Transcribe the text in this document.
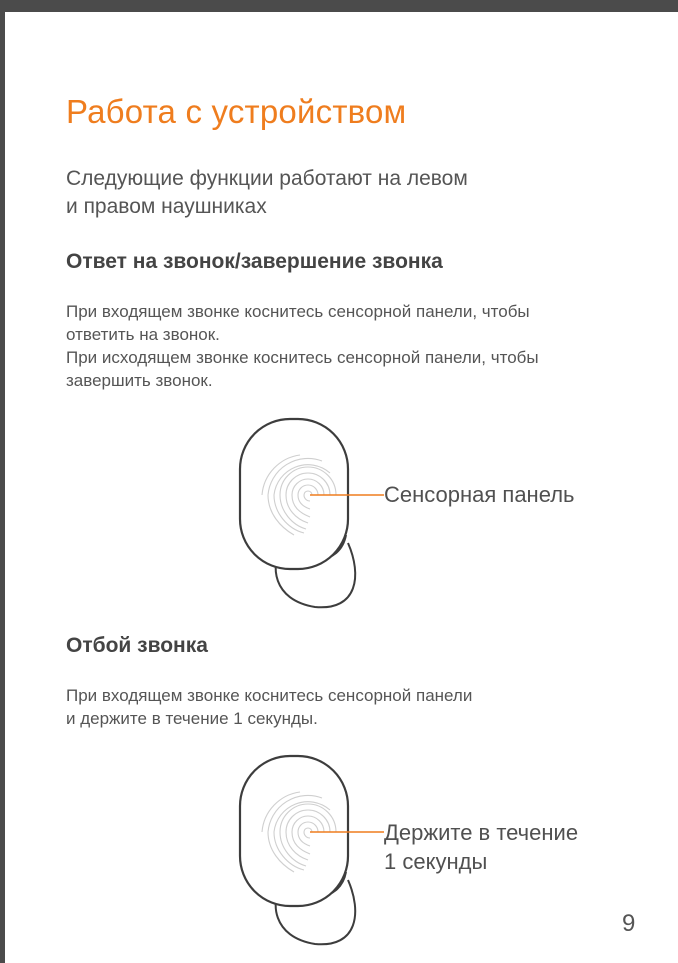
Работа с устройством

Следующие функции работают на левом
и правом наушниках

Ответ на звонок/завершение звонка

При входящем звонке коснитесь сенсорной панели, чтобы
ответить на звонок.
При исходящем звонке коснитесь сенсорной панели, чтобы
завершить звонок.

Сенсорная панель

Отбой звонка

При входящем звонке коснитесь сенсорной панели
и держите в течение 1 секунды.

Держите в течение
1 секунды

9
